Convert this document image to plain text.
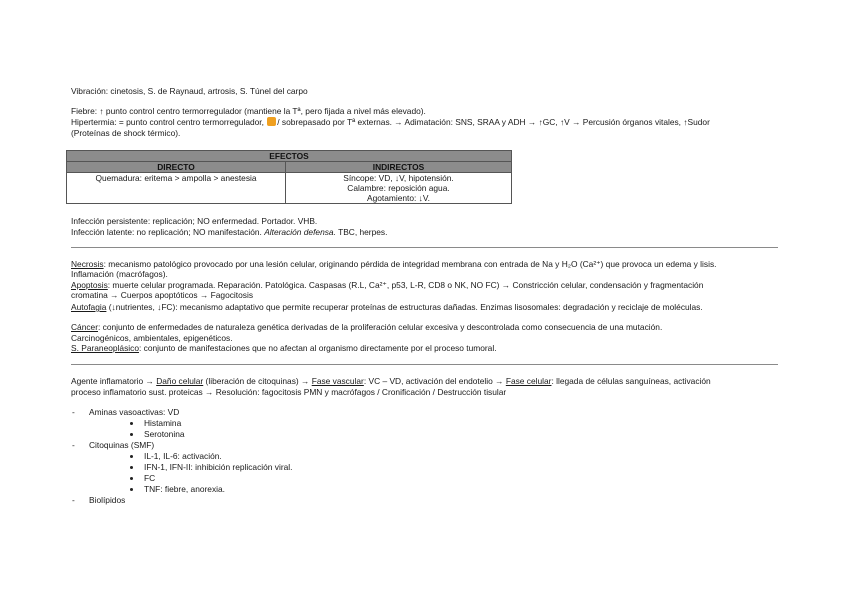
Vibración: cinetosis, S. de Raynaud, artrosis, S. Túnel del carpo
Fiebre: ↑ punto control centro termorregulador (mantiene la Tª, pero fijada a nivel más elevado).
Hipertermia: = punto control centro termorregulador, / sobrepasado por Tª externas. → Adimatación: SNS, SRAA y ADH → ↑GC, ↑V → Percusión órganos vitales, ↑Sudor
(Proteínas de shock térmico).
EFECTOS	
DIRECTO	INDIRECTOS
Quemadura: eritema > ampolla > anestesia	Síncope: VD, ↓V, hipotensión.
Calambre: reposición agua.
Agotamiento: ↓V.
Infección persistente: replicación; NO enfermedad. Portador. VHB.
Infección latente: no replicación; NO manifestación. Alteración defensa. TBC, herpes.
Necrosis: mecanismo patológico provocado por una lesión celular, originando pérdida de integridad membrana con entrada de Na y H₂O (Ca²⁺) que provoca un edema y lisis.
Inflamación (macrófagos).
Apoptosis: muerte celular programada. Reparación. Patológica. Caspasas (R.L, Ca²⁺, p53, L-R, CD8 o NK, NO FC) → Constricción celular, condensación y fragmentación
cromatina → Cuerpos apoptóticos → Fagocitosis
Autofagia (↓nutrientes, ↓FC): mecanismo adaptativo que permite recuperar proteínas de estructuras dañadas. Enzimas lisosomales: degradación y reciclaje de moléculas.
Cáncer: conjunto de enfermedades de naturaleza genética derivadas de la proliferación celular excesiva y descontrolada como consecuencia de una mutación.
Carcinogénicos, ambientales, epigenéticos.
S. Paraneoplásico: conjunto de manifestaciones que no afectan al organismo directamente por el proceso tumoral.
Agente inflamatorio → Daño celular (liberación de citoquinas) → Fase vascular: VC – VD, activación del endotelio → Fase celular: llegada de células sanguíneas, activación
proceso inflamatorio sust. proteicas → Resolución: fagocitosis PMN y macrófagos / Cronificación / Destrucción tisular
- Aminas vasoactivas: VD
Histamina
Serotonina
- Citoquinas (SMF)
IL-1, IL-6: activación.
IFN-1, IFN-II: inhibición replicación viral.
FC
TNF: fiebre, anorexia.
- Biolípidos
